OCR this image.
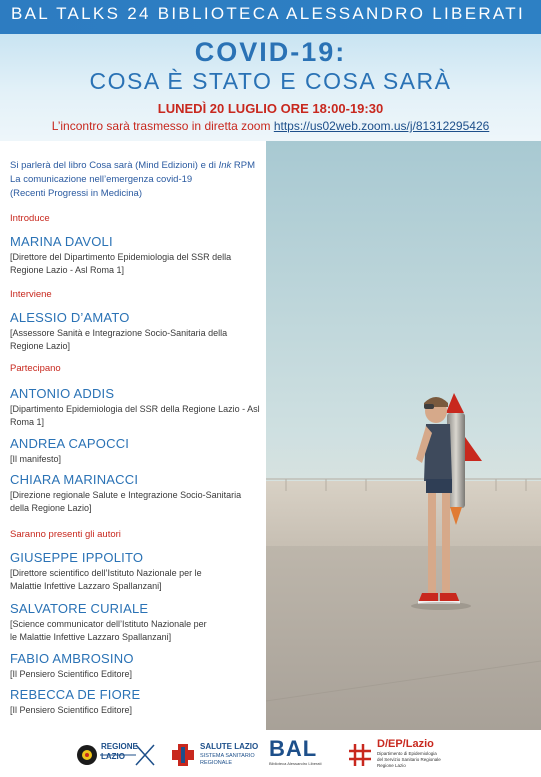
BAL TALKS 24 BIBLIOTECA ALESSANDRO LIBERATI
COVID-19:
COSA È STATO E COSA SARÀ
LUNEDÌ 20 LUGLIO ORE 18:00-19:30
L’incontro sarà trasmesso in diretta zoom https://us02web.zoom.us/j/81312295426
Si parlerà del libro Cosa sarà (Mind Edizioni) e di Ink RPM
La comunicazione nell’emergenza covid-19
(Recenti Progressi in Medicina)
Introduce
MARINA DAVOLI
[Direttore del Dipartimento Epidemiologia del SSR della Regione Lazio - Asl Roma 1]
Interviene
ALESSIO D’AMATO
[Assessore Sanità e Integrazione Socio-Sanitaria della Regione Lazio]
Partecipano
ANTONIO ADDIS
[Dipartimento Epidemiologia del SSR della Regione Lazio - Asl Roma 1]
ANDREA CAPOCCI
[Il manifesto]
CHIARA MARINACCI
[Direzione regionale Salute e Integrazione Socio-Sanitaria della Regione Lazio]
Saranno presenti gli autori
GIUSEPPE IPPOLITO
[Direttore scientifico dell’Istituto Nazionale per le Malattie Infettive Lazzaro Spallanzani]
SALVATORE CURIALE
[Science communicator dell’Istituto Nazionale per le Malattie Infettive Lazzaro Spallanzani]
FABIO AMBROSINO
[Il Pensiero Scientifico Editore]
REBECCA DE FIORE
[Il Pensiero Scientifico Editore]
REGIONE LAZIO
SALUTE LAZIO
SISTEMA SANITARIO
REGIONALE
BAL
Biblioteca Alessandro Liberati
D/EP/Lazio
Dipartimento di Epidemiologia
del Servizio Sanitario Regionale
Regione Lazio
